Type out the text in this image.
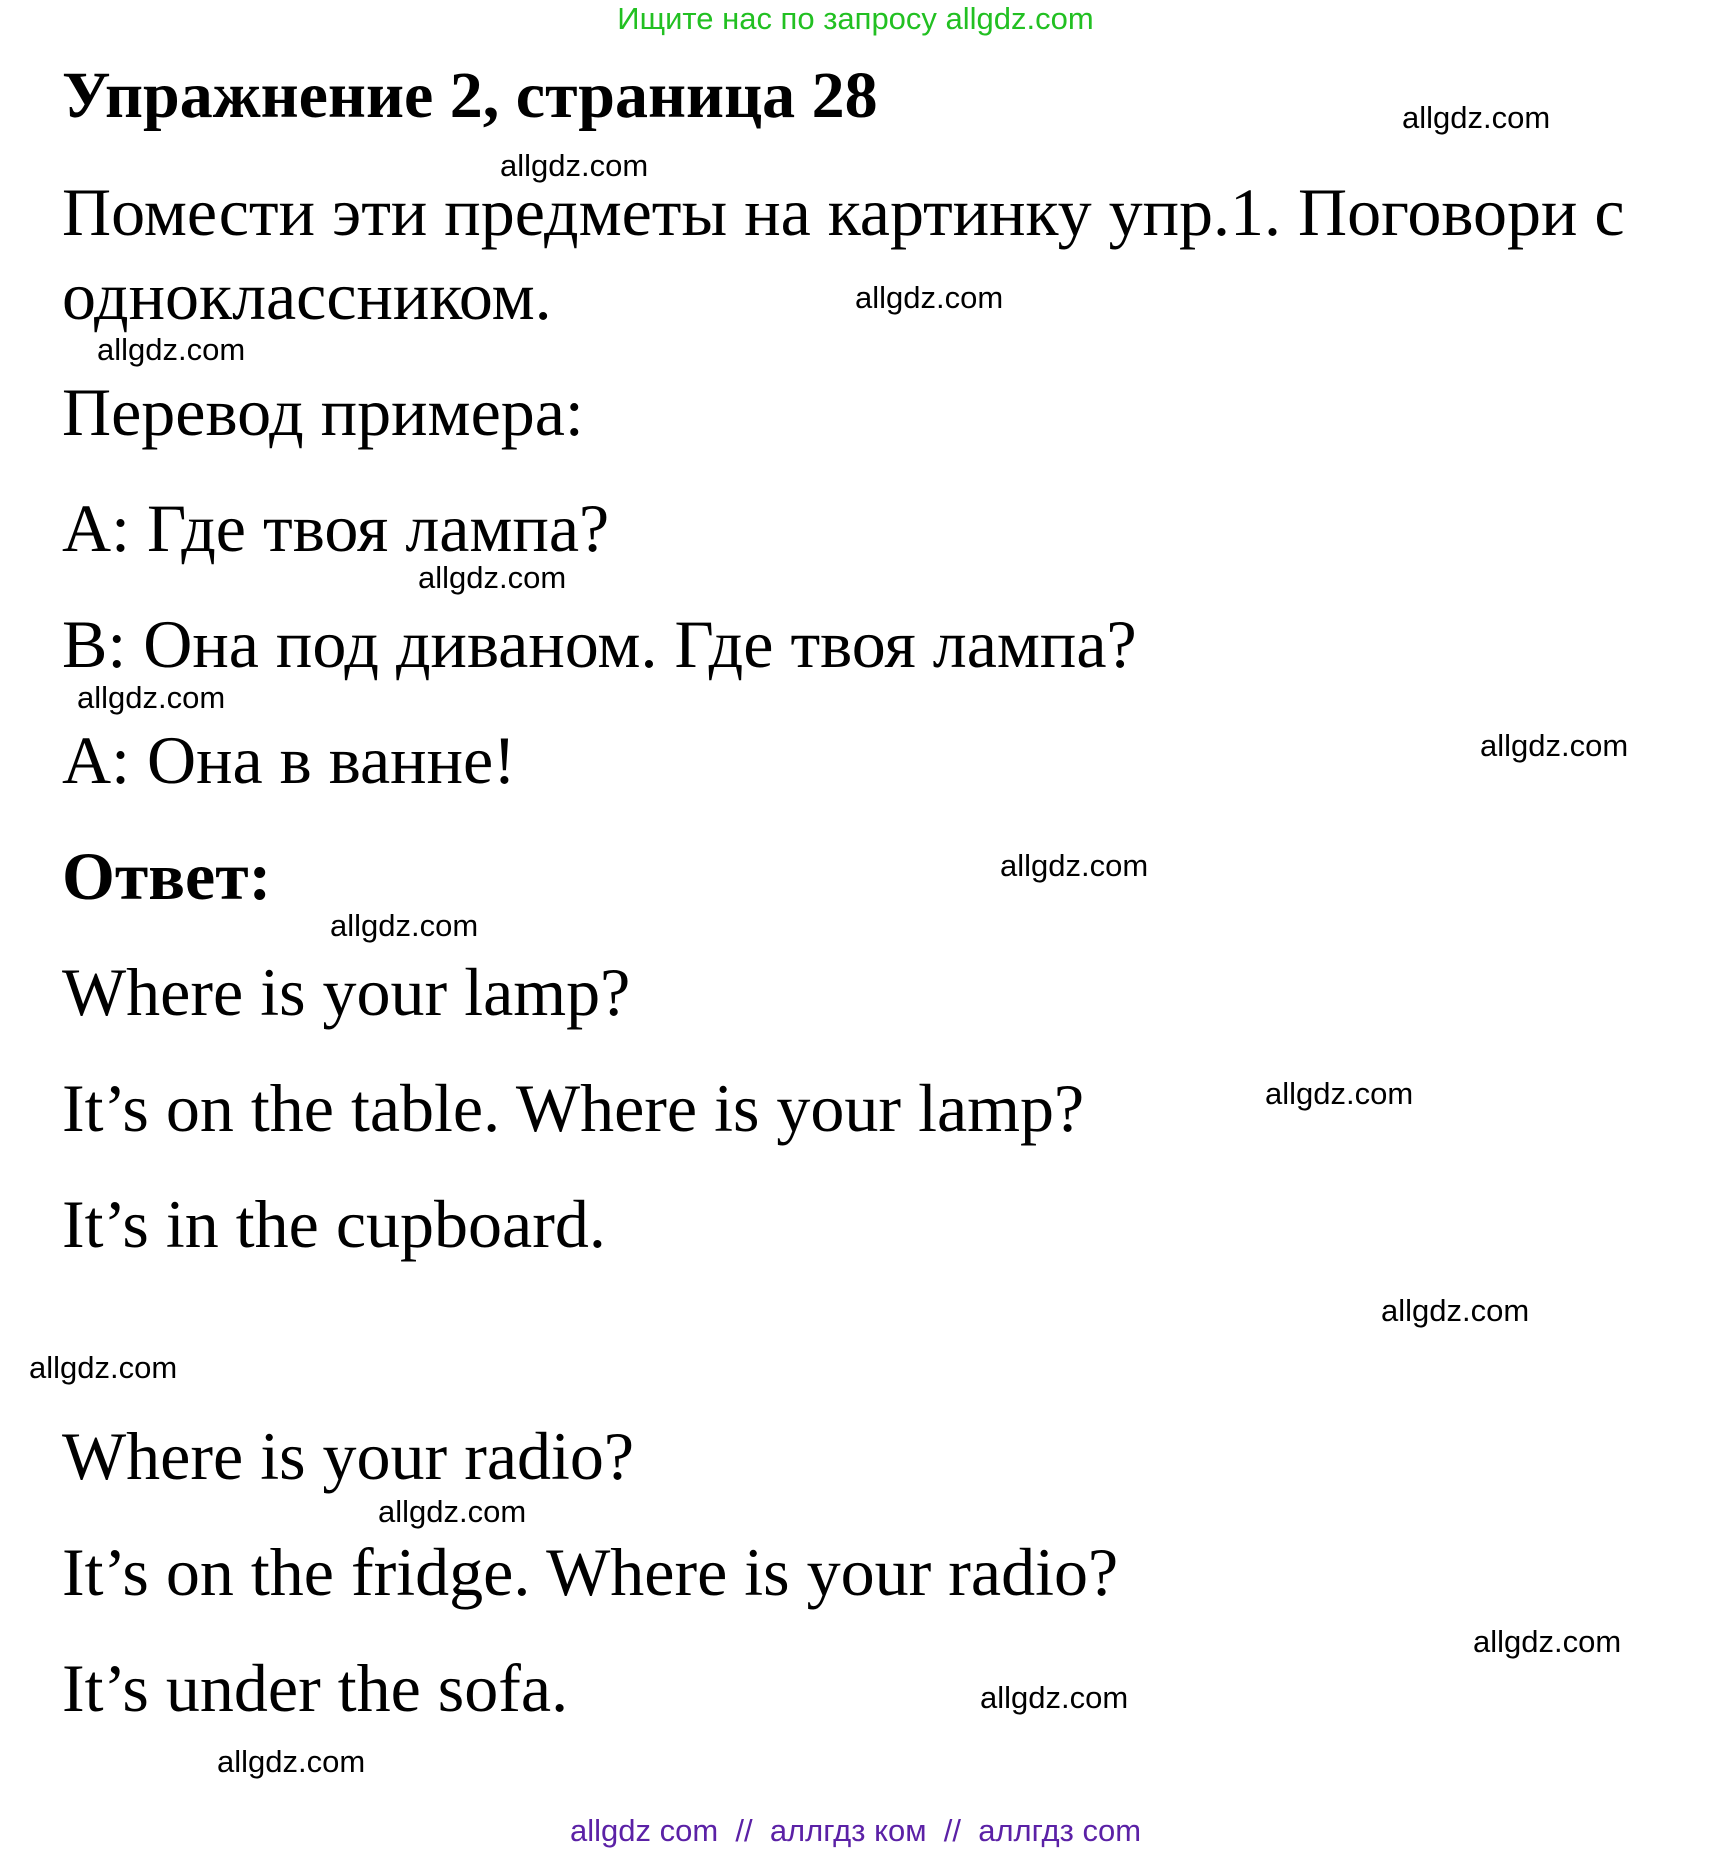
Ищите нас по запросу allgdz.com
Упражнение 2, страница 28
Помести эти предметы на картинку упр.1. Поговори с
одноклассником.
Перевод примера:
А: Где твоя лампа?
В: Она под диваном. Где твоя лампа?
А: Она в ванне!
Ответ:
Where is your lamp?
It’s on the table. Where is your lamp?
It’s in the cupboard.
Where is your radio?
It’s on the fridge. Where is your radio?
It’s under the sofa.
allgdz.com
allgdz.com
allgdz.com
allgdz.com
allgdz.com
allgdz.com
allgdz.com
allgdz.com
allgdz.com
allgdz.com
allgdz.com
allgdz.com
allgdz.com
allgdz.com
allgdz.com
allgdz.com
allgdz com  //  аллгдз ком  //  аллгдз com
